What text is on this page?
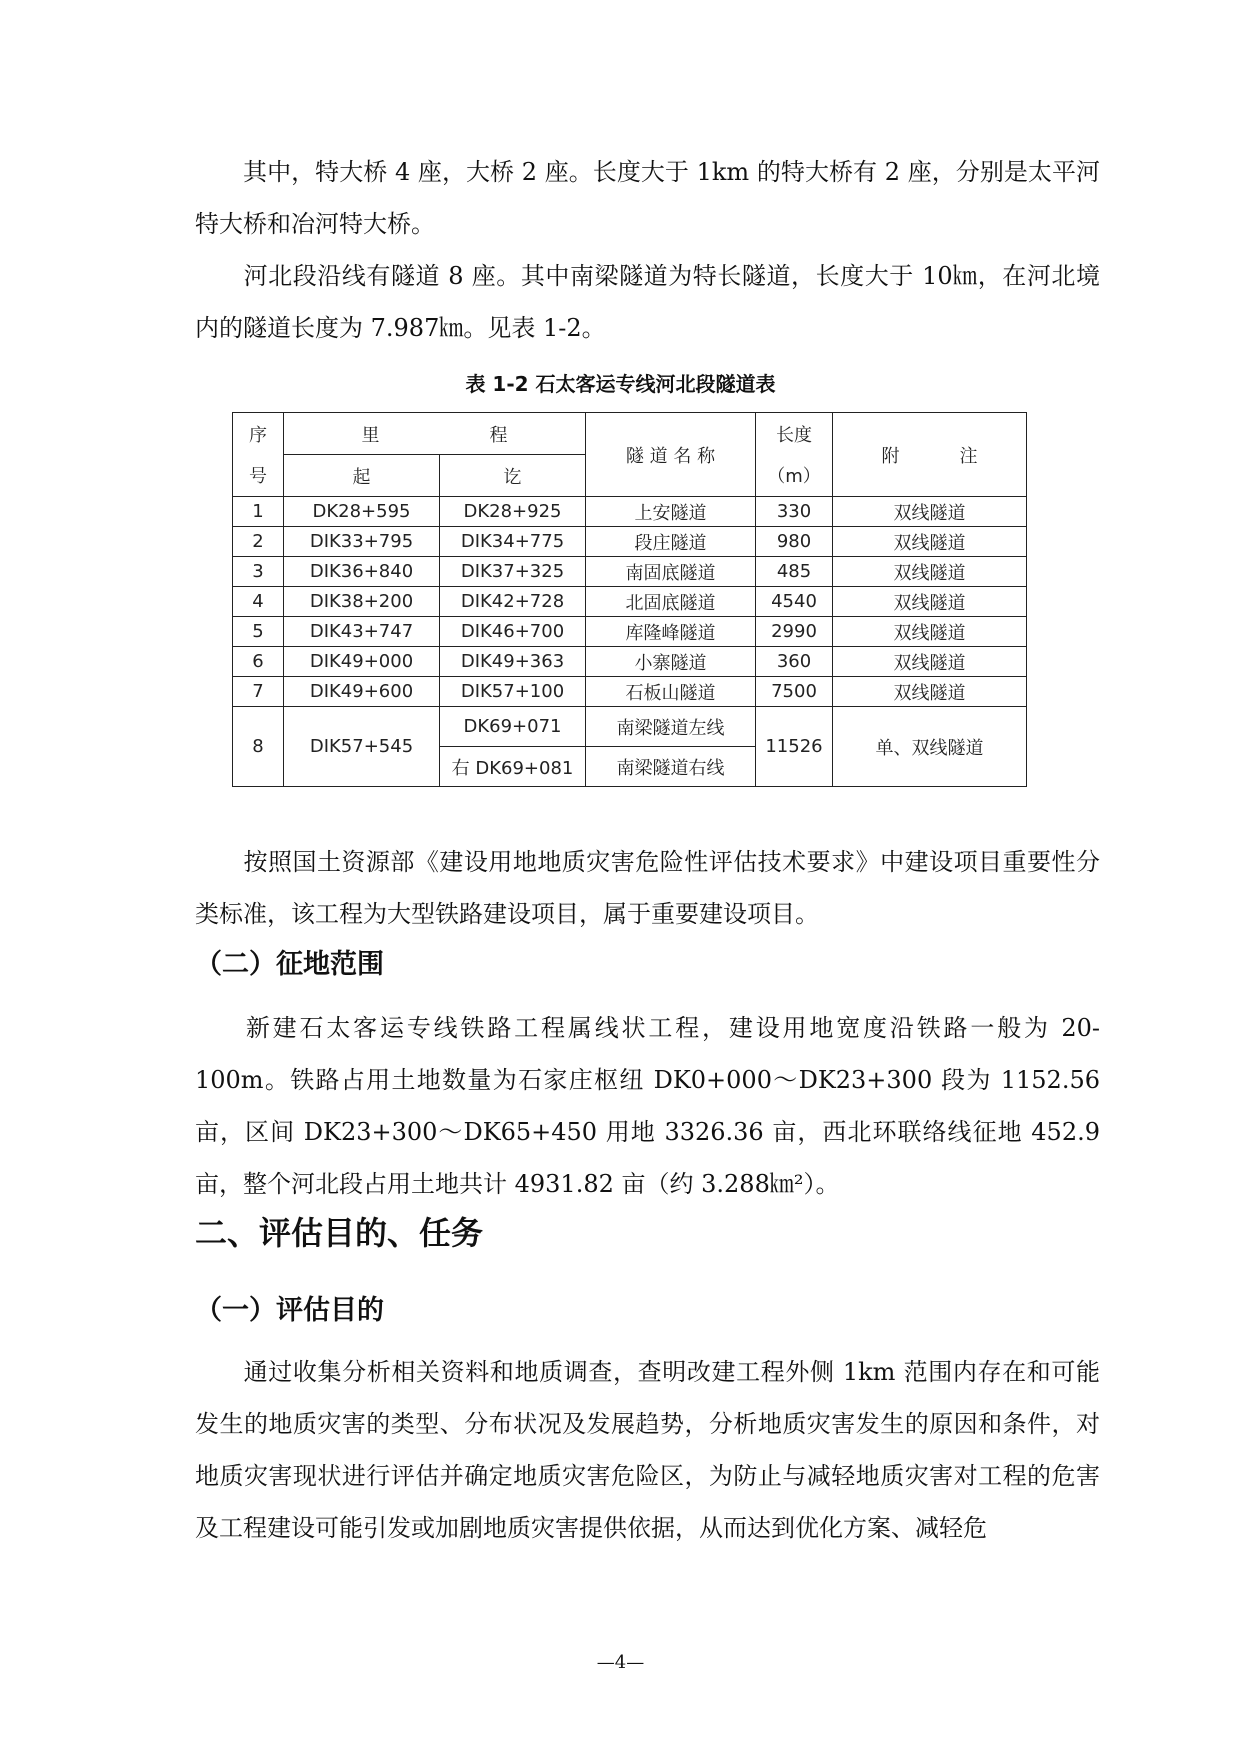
其中，特大桥 4 座，大桥 2 座。长度大于 1km 的特大桥有 2 座，分别是太平河特大桥和冶河特大桥。

河北段沿线有隧道 8 座。其中南梁隧道为特长隧道，长度大于 10㎞，在河北境内的隧道长度为 7.987㎞。见表 1-2。

表 1-2 石太客运专线河北段隧道表
序	里 程		隧 道 名 称	长度	附 注
号	起	讫		（m）	
1	DK28+595	DK28+925	上安隧道	330	双线隧道
2	DIK33+795	DIK34+775	段庄隧道	980	双线隧道
3	DIK36+840	DIK37+325	南固底隧道	485	双线隧道
4	DIK38+200	DIK42+728	北固底隧道	4540	双线隧道
5	DIK43+747	DIK46+700	库隆峰隧道	2990	双线隧道
6	DIK49+000	DIK49+363	小寨隧道	360	双线隧道
7	DIK49+600	DIK57+100	石板山隧道	7500	双线隧道
8	DIK57+545	DK69+071	南梁隧道左线	11526	单、双线隧道
		右 DK69+081	南梁隧道右线		

按照国土资源部《建设用地地质灾害危险性评估技术要求》中建设项目重要性分类标准，该工程为大型铁路建设项目，属于重要建设项目。

（二）征地范围

新建石太客运专线铁路工程属线状工程，建设用地宽度沿铁路一般为 20-100m。铁路占用土地数量为石家庄枢纽 DK0+000～DK23+300 段为 1152.56 亩，区间 DK23+300～DK65+450 用地 3326.36 亩，西北环联络线征地 452.9 亩，整个河北段占用土地共计 4931.82 亩（约 3.288㎞²）。

二、评估目的、任务
（一）评估目的

通过收集分析相关资料和地质调查，查明改建工程外侧 1km 范围内存在和可能发生的地质灾害的类型、分布状况及发展趋势，分析地质灾害发生的原因和条件，对地质灾害现状进行评估并确定地质灾害危险区，为防止与减轻地质灾害对工程的危害及工程建设可能引发或加剧地质灾害提供依据，从而达到优化方案、减轻危

—4—
